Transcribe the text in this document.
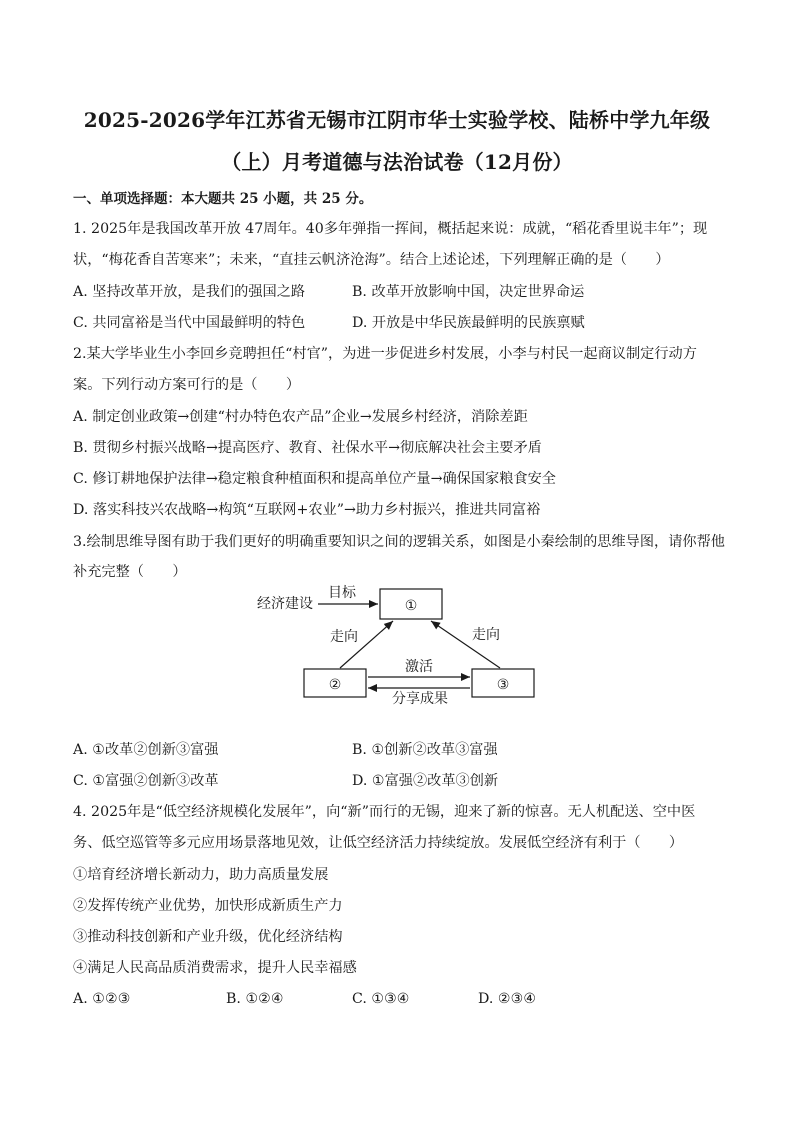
2025-2026学年江苏省无锡市江阴市华士实验学校、陆桥中学九年级
（上）月考道德与法治试卷（12月份）
一、单项选择题：本大题共 25 小题，共 25 分。
1. 2025年是我国改革开放 47周年。40多年弹指一挥间，概括起来说：成就，“稻花香里说丰年”；现
状，“梅花香自苦寒来”；未来，“直挂云帆济沧海”。结合上述论述，下列理解正确的是（　　）
A. 坚持改革开放，是我们的强国之路	B. 改革开放影响中国，决定世界命运
C. 共同富裕是当代中国最鲜明的特色	D. 开放是中华民族最鲜明的民族禀赋
2.某大学毕业生小李回乡竞聘担任“村官”，为进一步促进乡村发展，小李与村民一起商议制定行动方
案。下列行动方案可行的是（　　）
A. 制定创业政策→创建“村办特色农产品”企业→发展乡村经济，消除差距
B. 贯彻乡村振兴战略→提高医疗、教育、社保水平→彻底解决社会主要矛盾
C. 修订耕地保护法律→稳定粮食种植面积和提高单位产量→确保国家粮食安全
D. 落实科技兴农战略→构筑“互联网+农业”→助力乡村振兴，推进共同富裕
3.绘制思维导图有助于我们更好的明确重要知识之间的逻辑关系，如图是小秦绘制的思维导图，请你帮他
补充完整（　　）
①
②	③
经济建设
目标
走向	走向
激活
分享成果
A. ①改革②创新③富强	B. ①创新②改革③富强
C. ①富强②创新③改革	D. ①富强②改革③创新
4. 2025年是“低空经济规模化发展年”，向“新”而行的无锡，迎来了新的惊喜。无人机配送、空中医
务、低空巡管等多元应用场景落地见效，让低空经济活力持续绽放。发展低空经济有利于（　　）
①培育经济增长新动力，助力高质量发展
②发挥传统产业优势，加快形成新质生产力
③推动科技创新和产业升级，优化经济结构
④满足人民高品质消费需求，提升人民幸福感
A. ①②③	B. ①②④	C. ①③④	D. ②③④
